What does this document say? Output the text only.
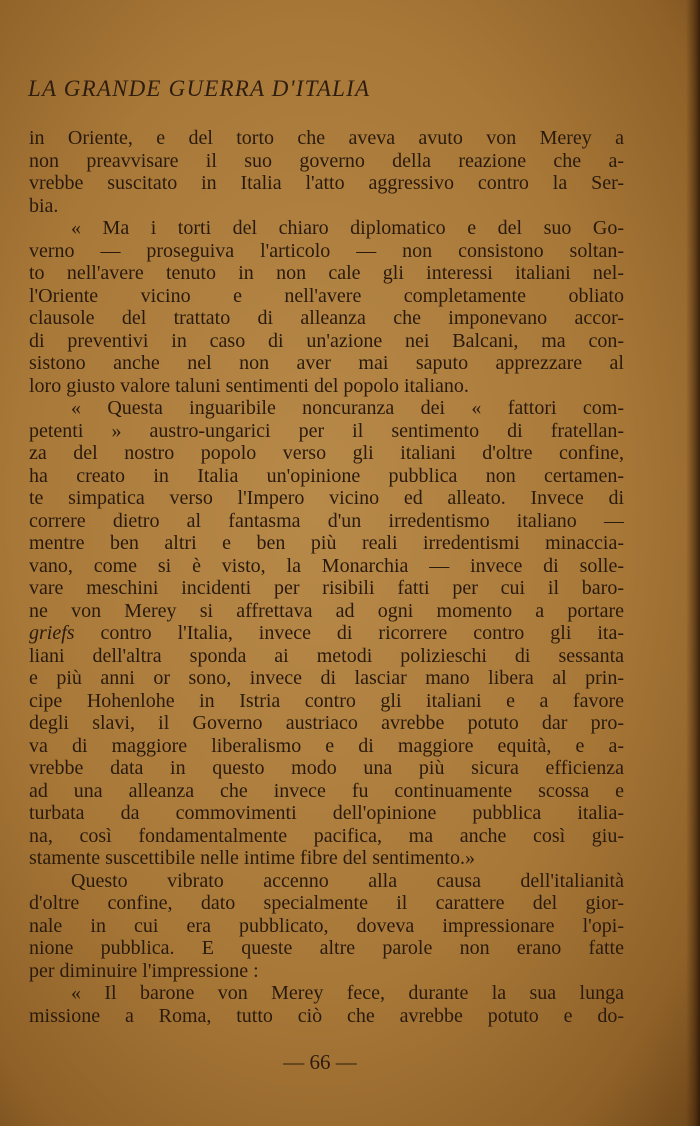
LA GRANDE GUERRA D'ITALIA
in Oriente, e del torto che aveva avuto von Merey a
non preavvisare il suo governo della reazione che a-
vrebbe suscitato in Italia l'atto aggressivo contro la Ser-
bia.
« Ma i torti del chiaro diplomatico e del suo Go-
verno — proseguiva l'articolo — non consistono soltan-
to nell'avere tenuto in non cale gli interessi italiani nel-
l'Oriente vicino e nell'avere completamente obliato
clausole del trattato di alleanza che imponevano accor-
di preventivi in caso di un'azione nei Balcani, ma con-
sistono anche nel non aver mai saputo apprezzare al
loro giusto valore taluni sentimenti del popolo italiano.
« Questa inguaribile noncuranza dei « fattori com-
petenti » austro-ungarici per il sentimento di fratellan-
za del nostro popolo verso gli italiani d'oltre confine,
ha creato in Italia un'opinione pubblica non certamen-
te simpatica verso l'Impero vicino ed alleato. Invece di
correre dietro al fantasma d'un irredentismo italiano —
mentre ben altri e ben più reali irredentismi minaccia-
vano, come si è visto, la Monarchia — invece di solle-
vare meschini incidenti per risibili fatti per cui il baro-
ne von Merey si affrettava ad ogni momento a portare
griefs contro l'Italia, invece di ricorrere contro gli ita-
liani dell'altra sponda ai metodi polizieschi di sessanta
e più anni or sono, invece di lasciar mano libera al prin-
cipe Hohenlohe in Istria contro gli italiani e a favore
degli slavi, il Governo austriaco avrebbe potuto dar pro-
va di maggiore liberalismo e di maggiore equità, e a-
vrebbe data in questo modo una più sicura efficienza
ad una alleanza che invece fu continuamente scossa e
turbata da commovimenti dell'opinione pubblica italia-
na, così fondamentalmente pacifica, ma anche così giu-
stamente suscettibile nelle intime fibre del sentimento.»
Questo vibrato accenno alla causa dell'italianità
d'oltre confine, dato specialmente il carattere del gior-
nale in cui era pubblicato, doveva impressionare l'opi-
nione pubblica. E queste altre parole non erano fatte
per diminuire l'impressione :
« Il barone von Merey fece, durante la sua lunga
missione a Roma, tutto ciò che avrebbe potuto e do-
— 66 —
